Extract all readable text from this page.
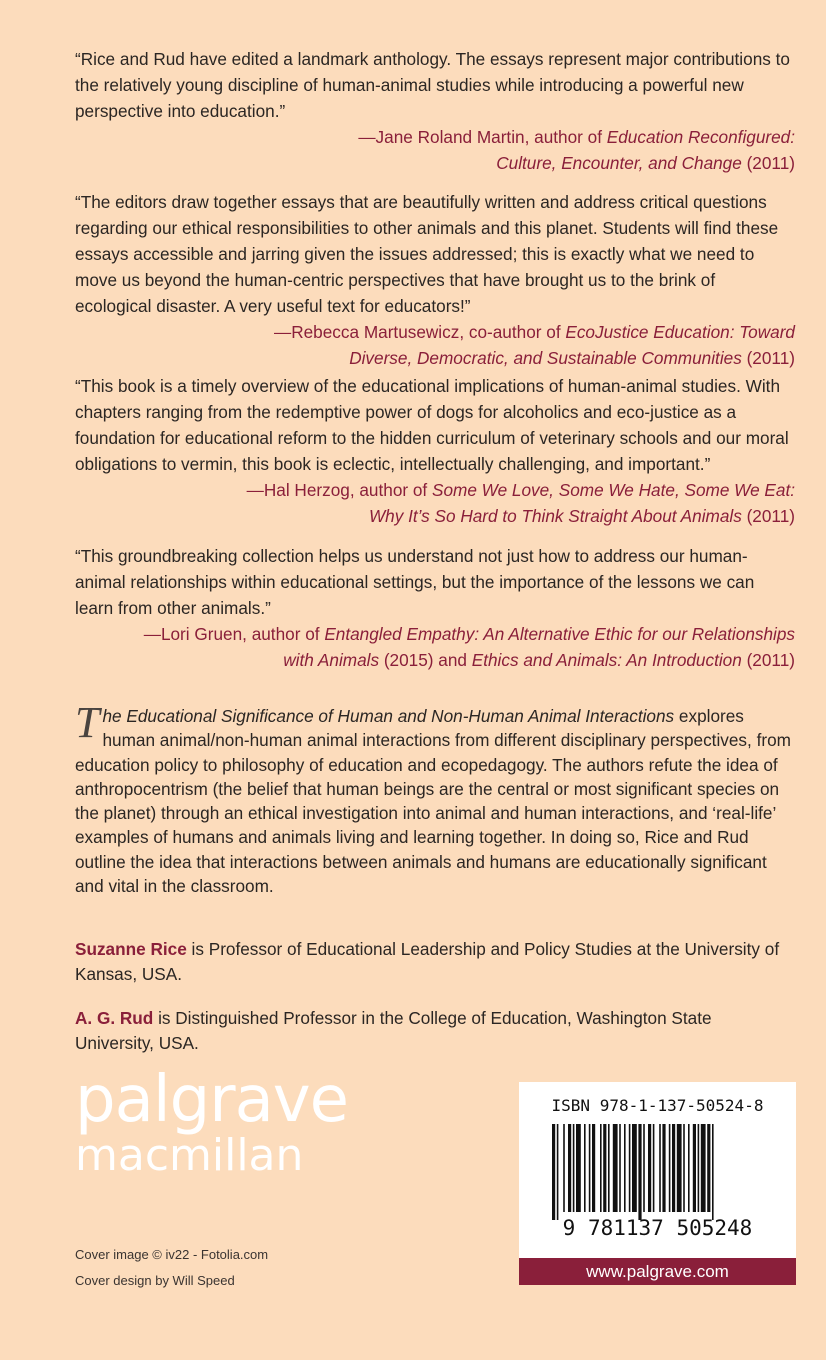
“Rice and Rud have edited a landmark anthology. The essays represent major contributions to the relatively young discipline of human-animal studies while introducing a powerful new perspective into education.”

—Jane Roland Martin, author of Education Reconfigured:
Culture, Encounter, and Change (2011)

“The editors draw together essays that are beautifully written and address critical questions regarding our ethical responsibilities to other animals and this planet. Students will find these essays accessible and jarring given the issues addressed; this is exactly what we need to move us beyond the human-centric perspectives that have brought us to the brink of ecological disaster. A very useful text for educators!”

—Rebecca Martusewicz, co-author of EcoJustice Education: Toward
Diverse, Democratic, and Sustainable Communities (2011)

“This book is a timely overview of the educational implications of human-animal studies. With chapters ranging from the redemptive power of dogs for alcoholics and eco-justice as a foundation for educational reform to the hidden curriculum of veterinary schools and our moral obligations to vermin, this book is eclectic, intellectually challenging, and important.”

—Hal Herzog, author of Some We Love, Some We Hate, Some We Eat:
Why It’s So Hard to Think Straight About Animals (2011)

“This groundbreaking collection helps us understand not just how to address our human-animal relationships within educational settings, but the importance of the lessons we can learn from other animals.”

—Lori Gruen, author of Entangled Empathy: An Alternative Ethic for our Relationships
with Animals (2015) and Ethics and Animals: An Introduction (2011)

The Educational Significance of Human and Non-Human Animal Interactions explores human animal/non-human animal interactions from different disciplinary perspectives, from education policy to philosophy of education and ecopedagogy. The authors refute the idea of anthropocentrism (the belief that human beings are the central or most significant species on the planet) through an ethical investigation into animal and human interactions, and ‘real-life’ examples of humans and animals living and learning together. In doing so, Rice and Rud outline the idea that interactions between animals and humans are educationally significant and vital in the classroom.

Suzanne Rice is Professor of Educational Leadership and Policy Studies at the University of Kansas, USA.

A. G. Rud is Distinguished Professor in the College of Education, Washington State University, USA.

palgrave
macmillan
Cover image © iv22 - Fotolia.com
Cover design by Will Speed
ISBN 978-1-137-50524-8
9 781137 505248
www.palgrave.com
